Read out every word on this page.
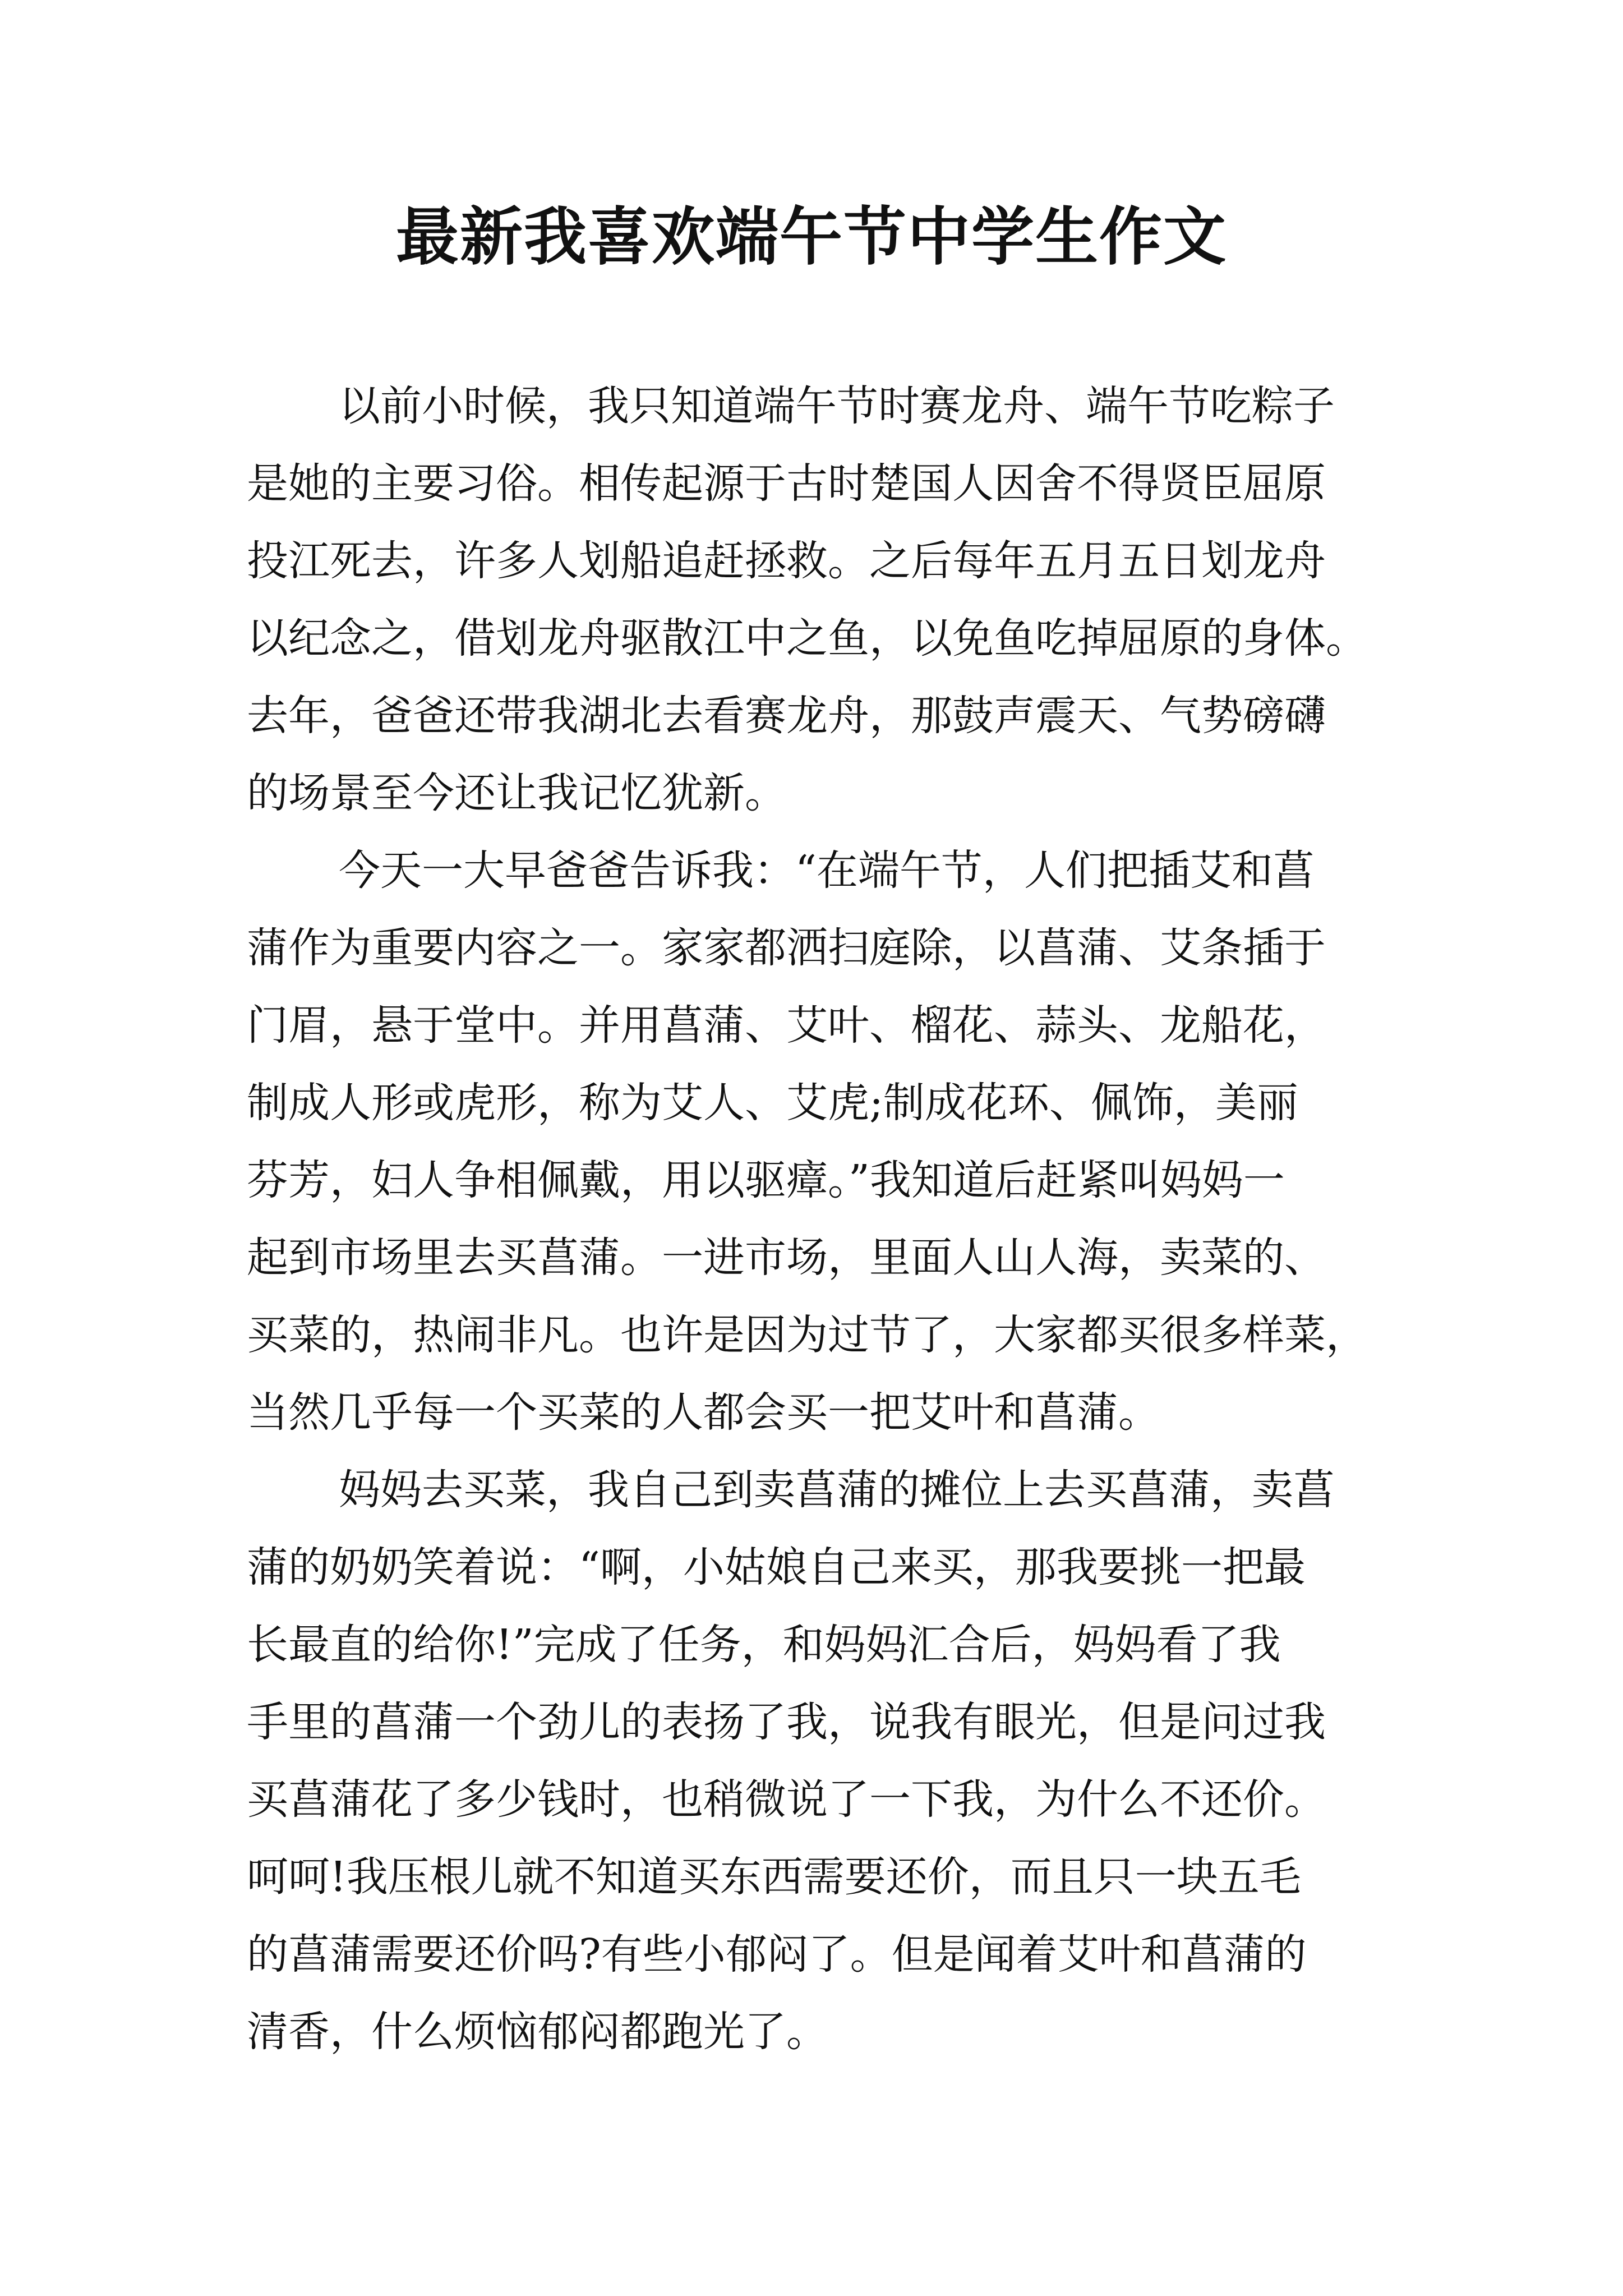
最新我喜欢端午节中学生作文

以前小时候，我只知道端午节时赛龙舟、端午节吃粽子
是她的主要习俗。相传起源于古时楚国人因舍不得贤臣屈原
投江死去，许多人划船追赶拯救。之后每年五月五日划龙舟
以纪念之，借划龙舟驱散江中之鱼，以免鱼吃掉屈原的身体。
去年，爸爸还带我湖北去看赛龙舟，那鼓声震天、气势磅礴
的场景至今还让我记忆犹新。

今天一大早爸爸告诉我：“在端午节，人们把插艾和菖
蒲作为重要内容之一。家家都洒扫庭除，以菖蒲、艾条插于
门眉，悬于堂中。并用菖蒲、艾叶、榴花、蒜头、龙船花，
制成人形或虎形，称为艾人、艾虎;制成花环、佩饰，美丽
芬芳，妇人争相佩戴，用以驱瘴。”我知道后赶紧叫妈妈一
起到市场里去买菖蒲。一进市场，里面人山人海，卖菜的、
买菜的，热闹非凡。也许是因为过节了，大家都买很多样菜，
当然几乎每一个买菜的人都会买一把艾叶和菖蒲。

妈妈去买菜，我自己到卖菖蒲的摊位上去买菖蒲，卖菖
蒲的奶奶笑着说：“啊，小姑娘自己来买，那我要挑一把最
长最直的给你!”完成了任务，和妈妈汇合后，妈妈看了我
手里的菖蒲一个劲儿的表扬了我，说我有眼光，但是问过我
买菖蒲花了多少钱时，也稍微说了一下我，为什么不还价。
呵呵!我压根儿就不知道买东西需要还价，而且只一块五毛
的菖蒲需要还价吗?有些小郁闷了。但是闻着艾叶和菖蒲的
清香，什么烦恼郁闷都跑光了。
